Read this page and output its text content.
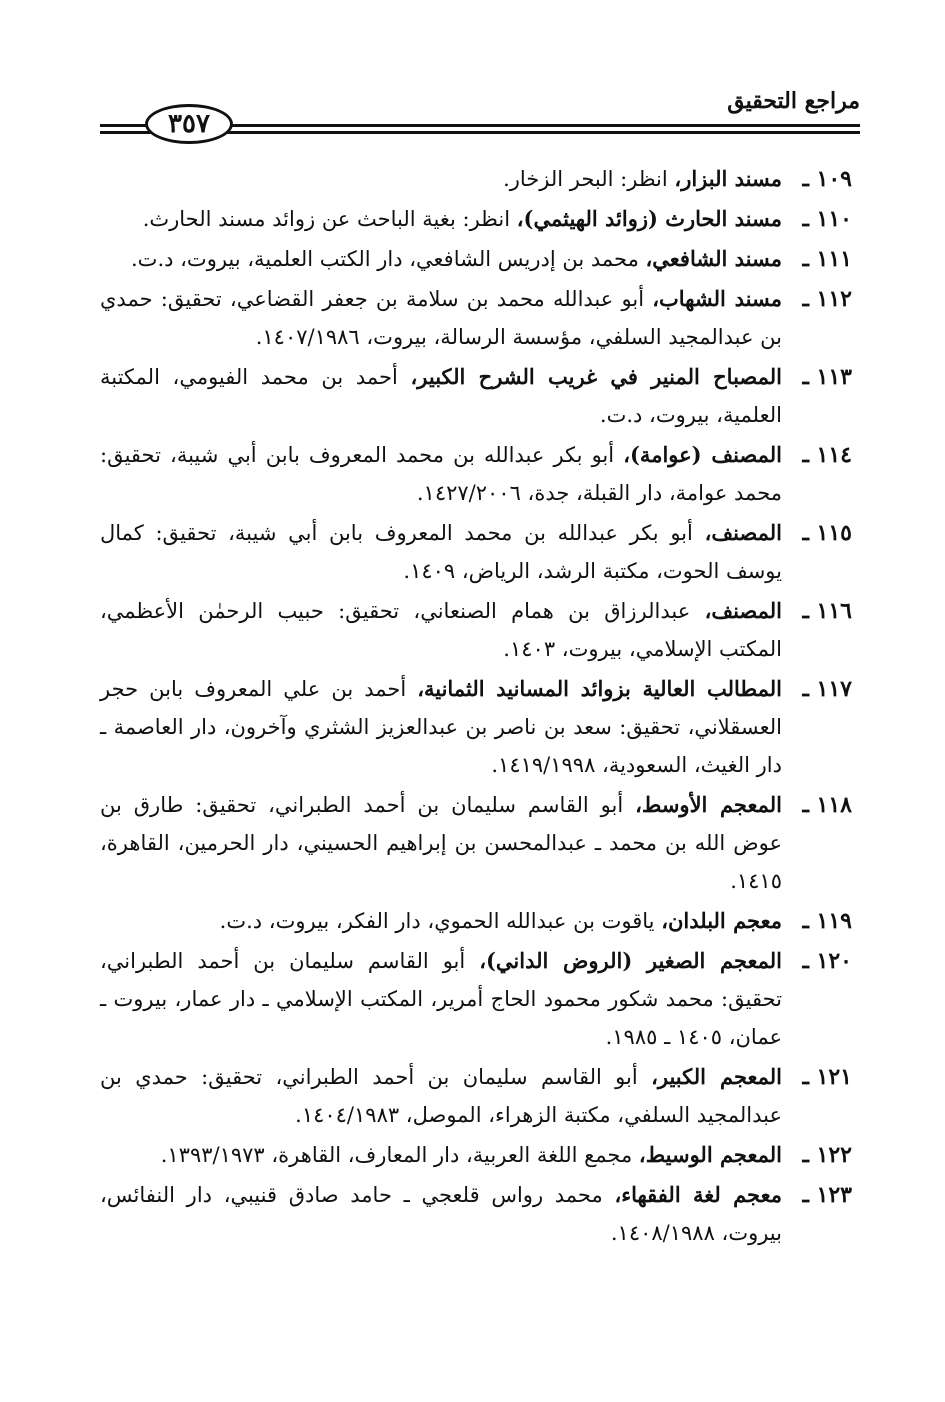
مراجع التحقيق
٣٥٧
١٠٩ ـ
مسند البزار، انظر: البحر الزخار.
١١٠ ـ
مسند الحارث (زوائد الهيثمي)، انظر: بغية الباحث عن زوائد مسند الحارث.
١١١ ـ
مسند الشافعي، محمد بن إدريس الشافعي، دار الكتب العلمية، بيروت، د.ت.
١١٢ ـ
مسند الشهاب، أبو عبدالله محمد بن سلامة بن جعفر القضاعي، تحقيق: حمدي بن عبدالمجيد السلفي، مؤسسة الرسالة، بيروت، ١٤٠٧/١٩٨٦.
١١٣ ـ
المصباح المنير في غريب الشرح الكبير، أحمد بن محمد الفيومي، المكتبة العلمية، بيروت، د.ت.
١١٤ ـ
المصنف (عوامة)، أبو بكر عبدالله بن محمد المعروف بابن أبي شيبة، تحقيق: محمد عوامة، دار القبلة، جدة، ١٤٢٧/٢٠٠٦.
١١٥ ـ
المصنف، أبو بكر عبدالله بن محمد المعروف بابن أبي شيبة، تحقيق: كمال يوسف الحوت، مكتبة الرشد، الرياض، ١٤٠٩.
١١٦ ـ
المصنف، عبدالرزاق بن همام الصنعاني، تحقيق: حبيب الرحمٰن الأعظمي، المكتب الإسلامي، بيروت، ١٤٠٣.
١١٧ ـ
المطالب العالية بزوائد المسانيد الثمانية، أحمد بن علي المعروف بابن حجر العسقلاني، تحقيق: سعد بن ناصر بن عبدالعزيز الشثري وآخرون، دار العاصمة ـ دار الغيث، السعودية، ١٤١٩/١٩٩٨.
١١٨ ـ
المعجم الأوسط، أبو القاسم سليمان بن أحمد الطبراني، تحقيق: طارق بن عوض الله بن محمد ـ عبدالمحسن بن إبراهيم الحسيني، دار الحرمين، القاهرة، ١٤١٥.
١١٩ ـ
معجم البلدان، ياقوت بن عبدالله الحموي، دار الفكر، بيروت، د.ت.
١٢٠ ـ
المعجم الصغير (الروض الداني)، أبو القاسم سليمان بن أحمد الطبراني، تحقيق: محمد شكور محمود الحاج أمرير، المكتب الإسلامي ـ دار عمار، بيروت ـ عمان، ١٤٠٥ ـ ١٩٨٥.
١٢١ ـ
المعجم الكبير، أبو القاسم سليمان بن أحمد الطبراني، تحقيق: حمدي بن عبدالمجيد السلفي، مكتبة الزهراء، الموصل، ١٤٠٤/١٩٨٣.
١٢٢ ـ
المعجم الوسيط، مجمع اللغة العربية، دار المعارف، القاهرة، ١٣٩٣/١٩٧٣.
١٢٣ ـ
معجم لغة الفقهاء، محمد رواس قلعجي ـ حامد صادق قنيبي، دار النفائس، بيروت، ١٤٠٨/١٩٨٨.
